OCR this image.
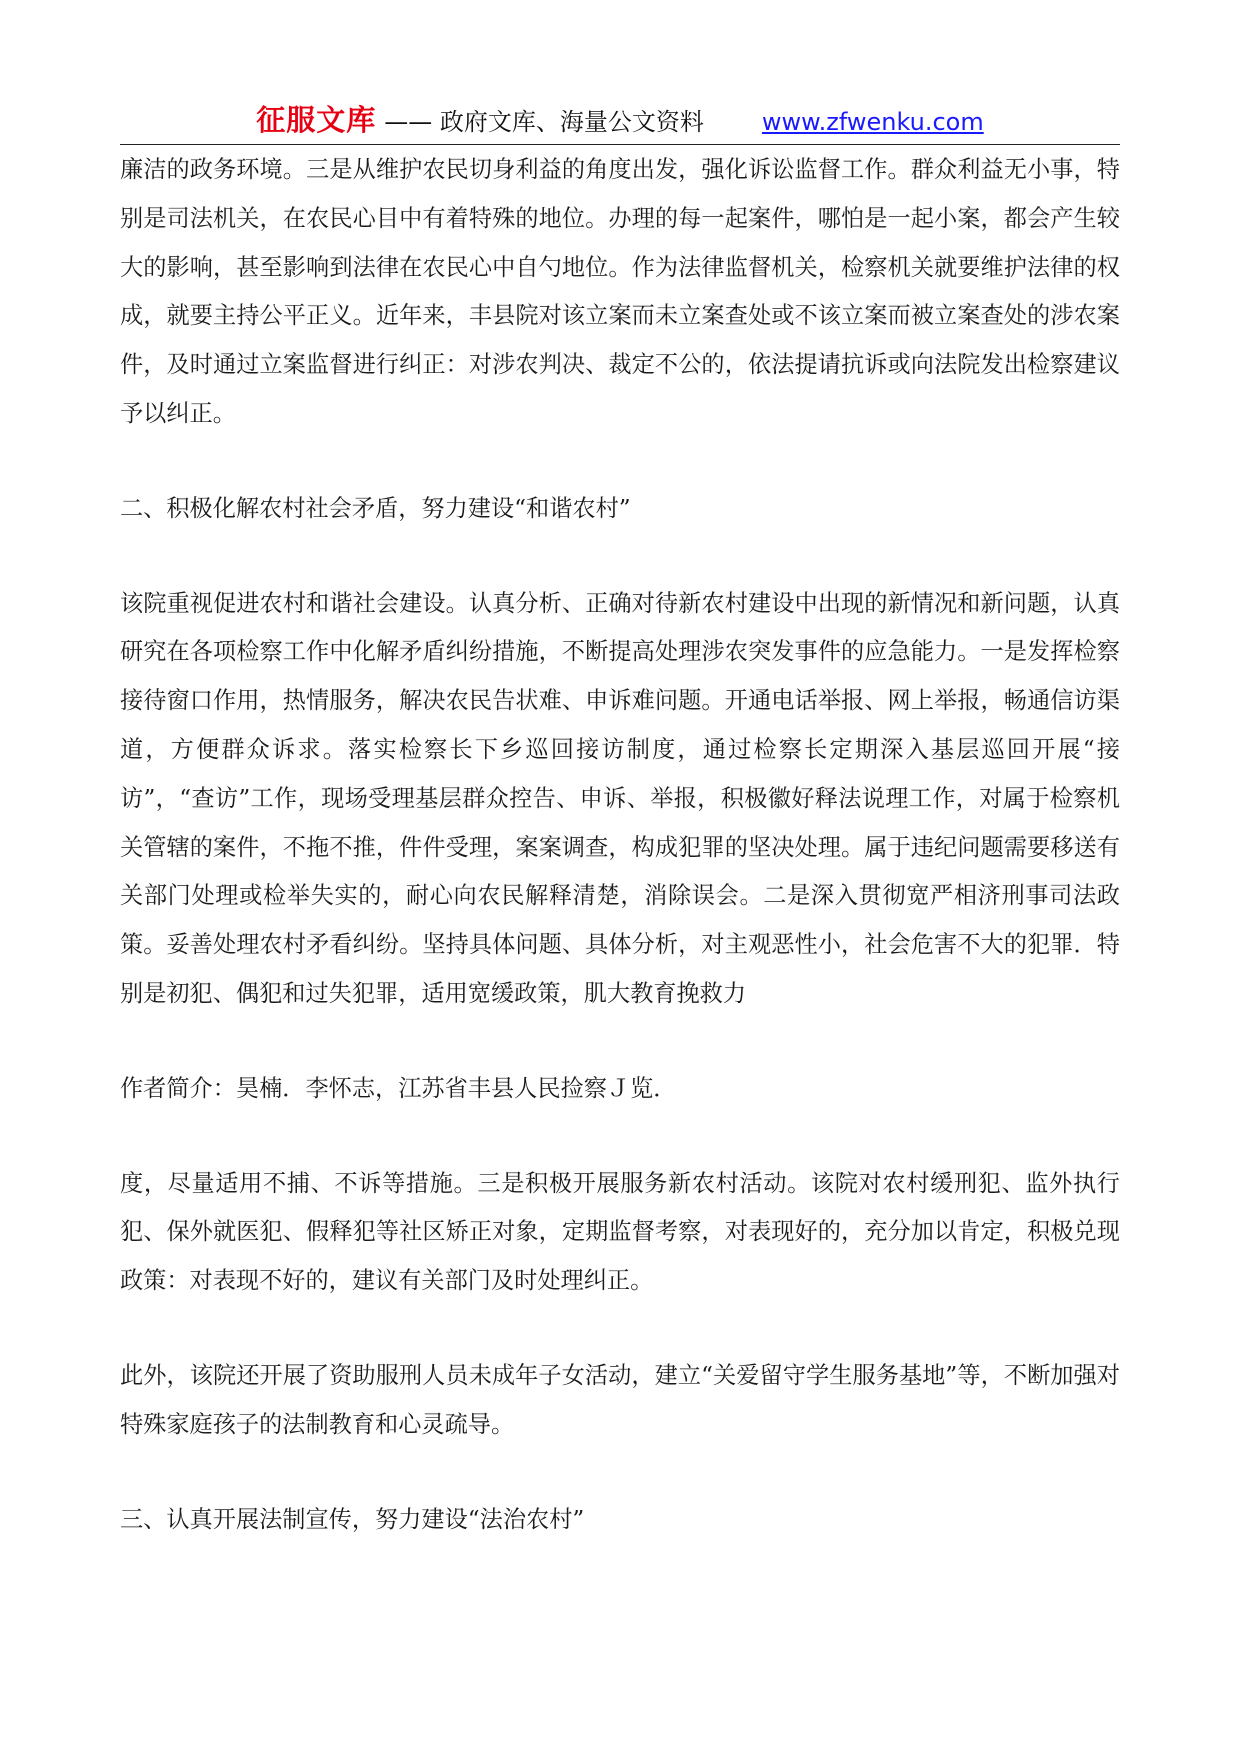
征服文库 —— 政府文库、海量公文资料 www.zfwenku.com

廉洁的政务环境。三是从维护农民切身利益的角度出发，强化诉讼监督工作。群众利益无小事，特别是司法机关，在农民心目中有着特殊的地位。办理的每一起案件，哪怕是一起小案，都会产生较大的影响，甚至影响到法律在农民心中自勺地位。作为法律监督机关，检察机关就要维护法律的权成，就要主持公平正义。近年来，丰县院对该立案而未立案查处或不该立案而被立案查处的涉农案件，及时通过立案监督进行纠正：对涉农判决、裁定不公的，依法提请抗诉或向法院发出检察建议予以纠正。

二、积极化解农村社会矛盾，努力建设“和谐农村”

该院重视促进农村和谐社会建设。认真分析、正确对待新农村建设中出现的新情况和新问题，认真研究在各项检察工作中化解矛盾纠纷措施，不断提高处理涉农突发事件的应急能力。一是发挥检察接待窗口作用，热情服务，解决农民告状难、申诉难问题。开通电话举报、网上举报，畅通信访渠道，方便群众诉求。落实检察长下乡巡回接访制度，通过检察长定期深入基层巡回开展“接访”，“查访”工作，现场受理基层群众控告、申诉、举报，积极徽好释法说理工作，对属于检察机关管辖的案件，不拖不推，件件受理，案案调查，构成犯罪的坚决处理。属于违纪问题需要移送有关部门处理或检举失实的，耐心向农民解释清楚，消除误会。二是深入贯彻宽严相济刑事司法政策。妥善处理农村矛看纠纷。坚持具体问题、具体分析，对主观恶性小，社会危害不大的犯罪．特别是初犯、偶犯和过失犯罪，适用宽缓政策，肌大教育挽救力

作者简介：昊楠．李怀志，江苏省丰县人民捡察Ｊ览．

度，尽量适用不捕、不诉等措施。三是积极开展服务新农村活动。该院对农村缓刑犯、监外执行犯、保外就医犯、假释犯等社区矫正对象，定期监督考察，对表现好的，充分加以肯定，积极兑现政策：对表现不好的，建议有关部门及时处理纠正。

此外，该院还开展了资助服刑人员未成年子女活动，建立“关爱留守学生服务基地”等，不断加强对特殊家庭孩子的法制教育和心灵疏导。

三、认真开展法制宣传，努力建设“法治农村”
